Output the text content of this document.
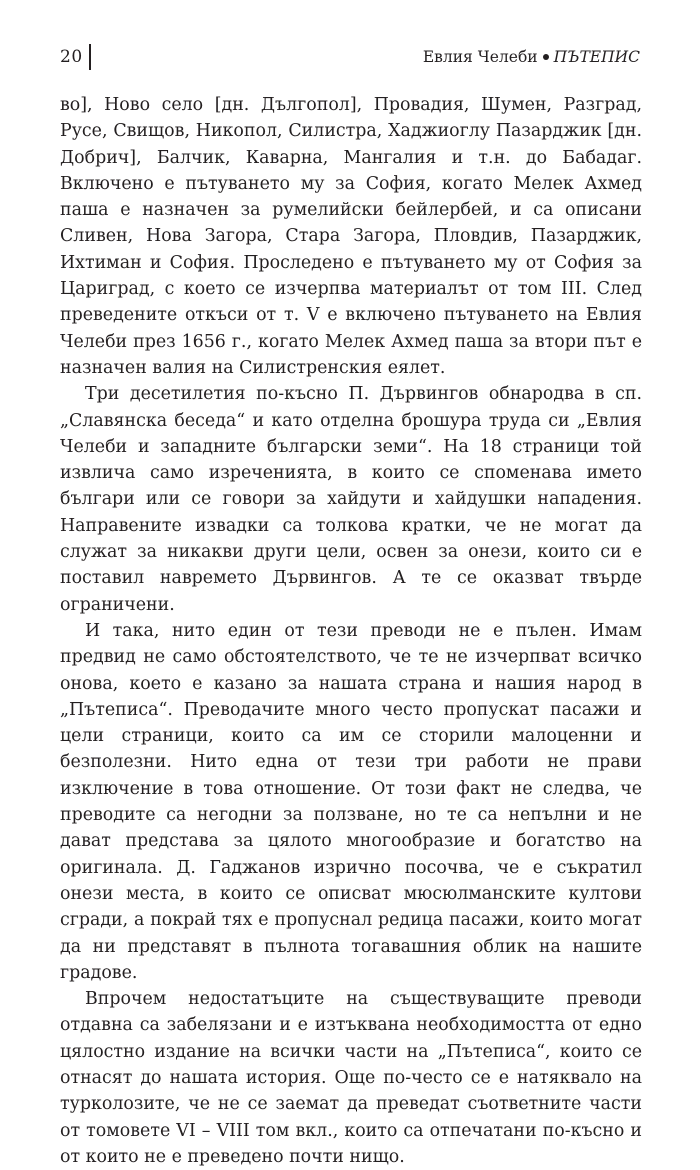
20	Евлия Челеби ПЪТЕПИС

во], Ново село [дн. Дългопол], Провадия, Шумен, Разград, Русе, Свищов, Никопол, Силистра, Хаджиоглу Пазарджик [дн. Добрич], Балчик, Каварна, Мангалия и т.н. до Бабадаг. Включено е пътуването му за София, когато Мелек Ахмед паша е назначен за румелийски бейлербей, и са описани Сливен, Нова Загора, Стара Загора, Пловдив, Пазарджик, Ихтиман и София. Проследено е пътуването му от София за Цариград, с което се изчерпва материалът от том III. След преведените откъси от т. V е включено пътуването на Евлия Челеби през 1656 г., когато Мелек Ахмед паша за втори път е назначен валия на Силистренския еялет.

Три десетилетия по-късно П. Дървингов обнародва в сп. „Славянска беседа“ и като отделна брошура труда си „Евлия Челеби и западните български земи“. На 18 страници той извлича само изреченията, в които се споменава името българи или се говори за хайдути и хайдушки нападения. Направените извадки са толкова кратки, че не могат да служат за никакви други цели, освен за онези, които си е поставил навремето Дървингов. А те се оказват твърде ограничени.

И така, нито един от тези преводи не е пълен. Имам предвид не само обстоятелството, че те не изчерпват всичко онова, което е казано за нашата страна и нашия народ в „Пътеписа“. Преводачите много често пропускат пасажи и цели страници, които са им се сторили малоценни и безполезни. Нито една от тези три работи не прави изключение в това отношение. От този факт не следва, че преводите са негодни за ползване, но те са непълни и не дават представа за цялото многообразие и богатство на оригинала. Д. Гаджанов изрично посочва, че е съкратил онези места, в които се описват мюсюлманските култови сгради, а покрай тях е пропуснал редица пасажи, които могат да ни представят в пълнота тогавашния облик на нашите градове.

Впрочем недостатъците на съществуващите преводи отдавна са забелязани и е изтъквана необходимостта от едно цялостно издание на всички части на „Пътеписа“, които се отнасят до нашата история. Още по-често се е натяквало на турколозите, че не се заемат да преведат съответните части от томовете VI – VIII том вкл., които са отпечатани по-късно и от които не е преведено почти нищо.
